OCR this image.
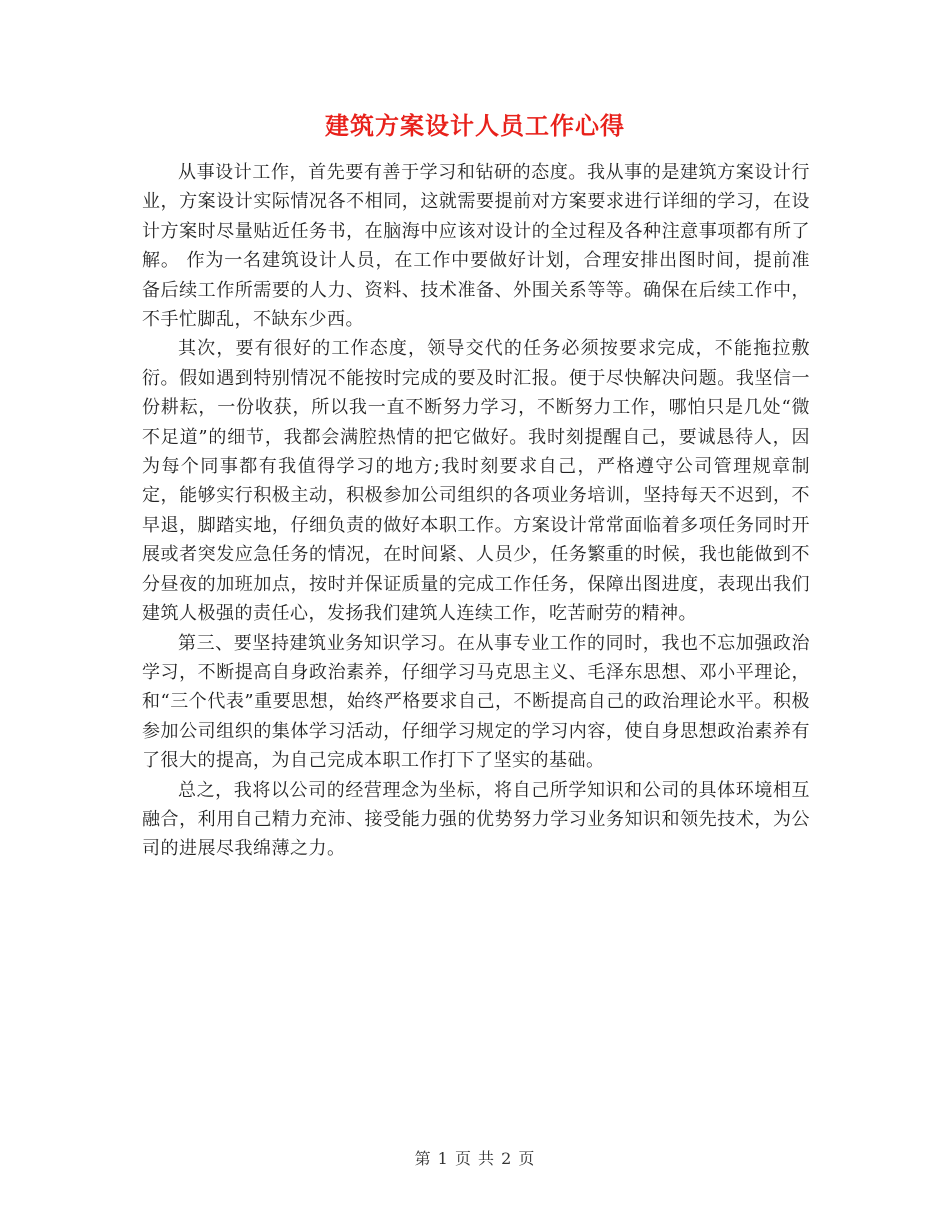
建筑方案设计人员工作心得

从事设计工作，首先要有善于学习和钻研的态度。我从事的是建筑方案设计行业，方案设计实际情况各不相同，这就需要提前对方案要求进行详细的学习，在设计方案时尽量贴近任务书，在脑海中应该对设计的全过程及各种注意事项都有所了解。 作为一名建筑设计人员，在工作中要做好计划，合理安排出图时间，提前准备后续工作所需要的人力、资料、技术准备、外围关系等等。确保在后续工作中，不手忙脚乱，不缺东少西。

其次，要有很好的工作态度，领导交代的任务必须按要求完成，不能拖拉敷衍。假如遇到特别情况不能按时完成的要及时汇报。便于尽快解决问题。我坚信一份耕耘，一份收获，所以我一直不断努力学习，不断努力工作，哪怕只是几处“微不足道”的细节，我都会满腔热情的把它做好。我时刻提醒自己，要诚恳待人，因为每个同事都有我值得学习的地方;我时刻要求自己，严格遵守公司管理规章制定，能够实行积极主动，积极参加公司组织的各项业务培训，坚持每天不迟到，不早退，脚踏实地，仔细负责的做好本职工作。方案设计常常面临着多项任务同时开展或者突发应急任务的情况，在时间紧、人员少，任务繁重的时候，我也能做到不分昼夜的加班加点，按时并保证质量的完成工作任务，保障出图进度，表现出我们建筑人极强的责任心，发扬我们建筑人连续工作，吃苦耐劳的精神。

第三、要坚持建筑业务知识学习。在从事专业工作的同时，我也不忘加强政治学习，不断提高自身政治素养，仔细学习马克思主义、毛泽东思想、邓小平理论，和“三个代表”重要思想，始终严格要求自己，不断提高自己的政治理论水平。积极参加公司组织的集体学习活动，仔细学习规定的学习内容，使自身思想政治素养有了很大的提高，为自己完成本职工作打下了坚实的基础。

总之，我将以公司的经营理念为坐标，将自己所学知识和公司的具体环境相互融合，利用自己精力充沛、接受能力强的优势努力学习业务知识和领先技术，为公司的进展尽我绵薄之力。

第 1 页 共 2 页
